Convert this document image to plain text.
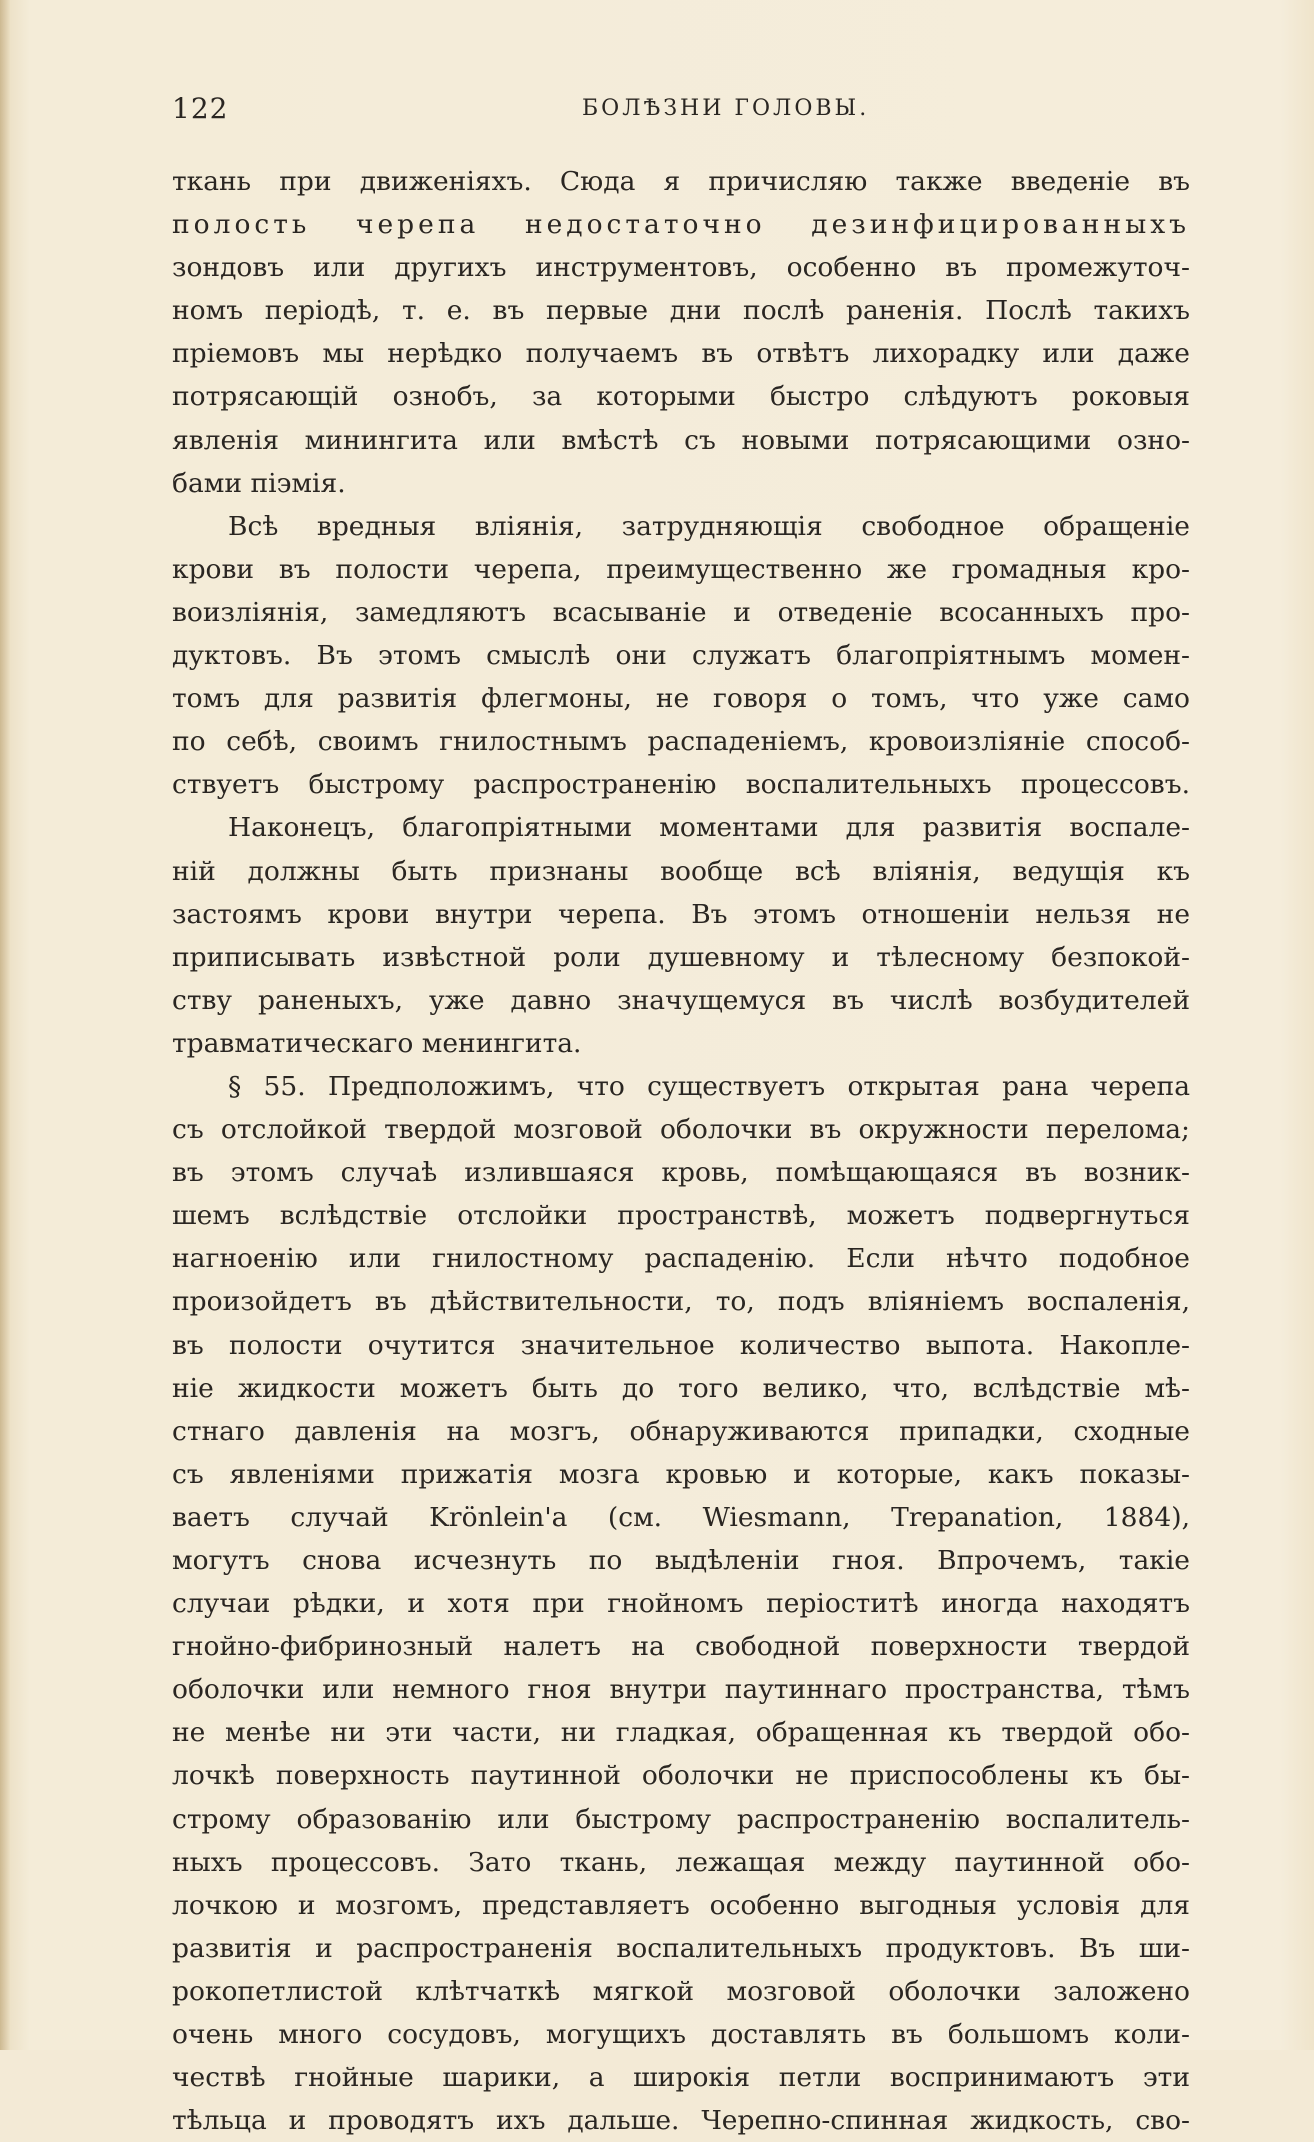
122	БОЛѢЗНИ ГОЛОВЫ.
ткань при движеніяхъ. Сюда я причисляю также введеніе въ
полость черепа недостаточно дезинфицированныхъ
зондовъ или другихъ инструментовъ, особенно въ промежуточ-
номъ періодѣ, т. е. въ первые дни послѣ раненія. Послѣ такихъ
пріемовъ мы нерѣдко получаемъ въ отвѣтъ лихорадку или даже
потрясающій ознобъ, за которыми быстро слѣдуютъ роковыя
явленія минингита или вмѣстѣ съ новыми потрясающими озно-
бами піэмія.
Всѣ вредныя вліянія, затрудняющія свободное обращеніе
крови въ полости черепа, преимущественно же громадныя кро-
воизліянія, замедляютъ всасываніе и отведеніе всосанныхъ про-
дуктовъ. Въ этомъ смыслѣ они служатъ благопріятнымъ момен-
томъ для развитія флегмоны, не говоря о томъ, что уже само
по себѣ, своимъ гнилостнымъ распаденіемъ, кровоизліяніе способ-
ствуетъ быстрому распространенію воспалительныхъ процессовъ.
Наконецъ, благопріятными моментами для развитія воспале-
ній должны быть признаны вообще всѣ вліянія, ведущія къ
застоямъ крови внутри черепа. Въ этомъ отношеніи нельзя не
приписывать извѣстной роли душевному и тѣлесному безпокой-
ству раненыхъ, уже давно значущемуся въ числѣ возбудителей
травматическаго менингита.
§ 55. Предположимъ, что существуетъ открытая рана черепа
съ отслойкой твердой мозговой оболочки въ окружности перелома;
въ этомъ случаѣ излившаяся кровь, помѣщающаяся въ возник-
шемъ вслѣдствіе отслойки пространствѣ, можетъ подвергнуться
нагноенію или гнилостному распаденію. Если нѣчто подобное
произойдетъ въ дѣйствительности, то, подъ вліяніемъ воспаленія,
въ полости очутится значительное количество выпота. Накопле-
ніе жидкости можетъ быть до того велико, что, вслѣдствіе мѣ-
стнаго давленія на мозгъ, обнаруживаются припадки, сходные
съ явленіями прижатія мозга кровью и которые, какъ показы-
ваетъ случай Krönlein'а (см. Wiesmann, Trepanation, 1884),
могутъ снова исчезнуть по выдѣленіи гноя. Впрочемъ, такіе
случаи рѣдки, и хотя при гнойномъ періоститѣ иногда находятъ
гнойно-фибринозный налетъ на свободной поверхности твердой
оболочки или немного гноя внутри паутиннаго пространства, тѣмъ
не менѣе ни эти части, ни гладкая, обращенная къ твердой обо-
лочкѣ поверхность паутинной оболочки не приспособлены къ бы-
строму образованію или быстрому распространенію воспалитель-
ныхъ процессовъ. Зато ткань, лежащая между паутинной обо-
лочкою и мозгомъ, представляетъ особенно выгодныя условія для
развитія и распространенія воспалительныхъ продуктовъ. Въ ши-
рокопетлистой клѣтчаткѣ мягкой мозговой оболочки заложено
очень много сосудовъ, могущихъ доставлять въ большомъ коли-
чествѣ гнойные шарики, а широкія петли воспринимаютъ эти
тѣльца и проводятъ ихъ дальше. Черепно-спинная жидкость, сво-
